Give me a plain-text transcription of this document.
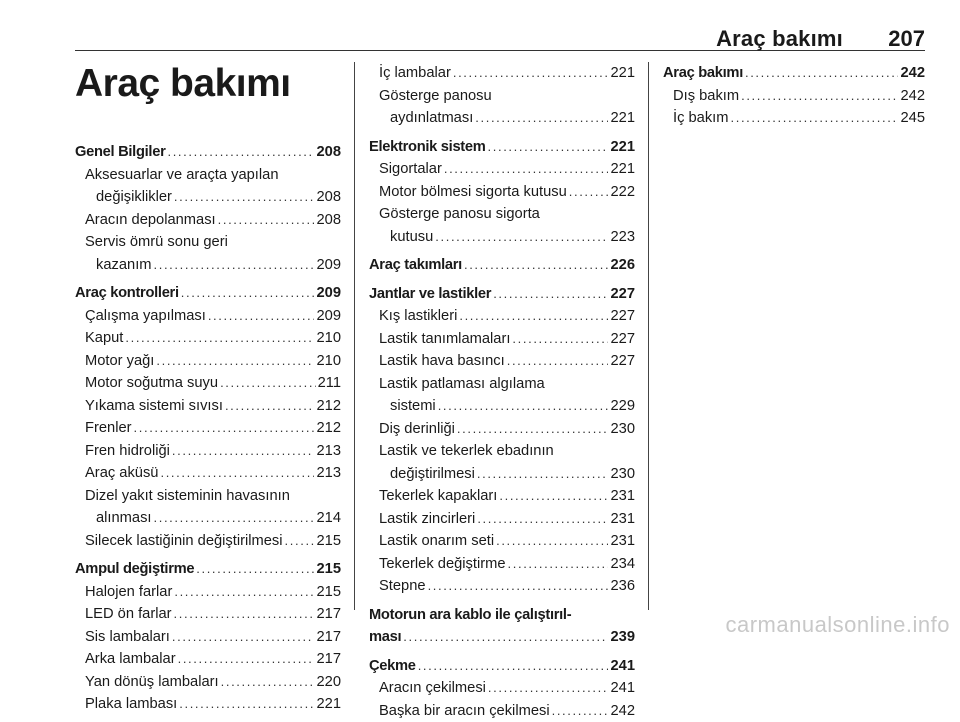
Araç bakımı 207
Araç bakımı
Genel Bilgiler . . .	208
Aksesuarlar ve araçta yapılan
değişiklikler . . .	208
Aracın depolanması . . .	208
Servis ömrü sonu geri
kazanım . . .	209
Araç kontrolleri . . .	209
Çalışma yapılması . . .	209
Kaput . . .	210
Motor yağı . . .	210
Motor soğutma suyu . . .	211
Yıkama sistemi sıvısı . . .	212
Frenler . . .	212
Fren hidroliği . . .	213
Araç aküsü . . .	213
Dizel yakıt sisteminin havasının
alınması . . .	214
Silecek lastiğinin değiştirilmesi . . . 215
Ampul değiştirme . . .	215
Halojen farlar . . .	215
LED ön farlar . . .	217
Sis lambaları . . .	217
Arka lambalar . . .	217
Yan dönüş lambaları . . .	220
Plaka lambası . . .	221
İç lambalar . . .	221
Gösterge panosu
aydınlatması . . .	221
Elektronik sistem . . .	221
Sigortalar . . .	221
Motor bölmesi sigorta kutusu . . .	222
Gösterge panosu sigorta
kutusu . . .	223
Araç takımları . . .	226
Jantlar ve lastikler . . .	227
Kış lastikleri . . .	227
Lastik tanımlamaları . . .	227
Lastik hava basıncı . . .	227
Lastik patlaması algılama
sistemi . . .	229
Diş derinliği . . .	230
Lastik ve tekerlek ebadının
değiştirilmesi . . .	230
Tekerlek kapakları . . .	231
Lastik zincirleri . . .	231
Lastik onarım seti . . .	231
Tekerlek değiştirme . . .	234
Stepne . . .	236
Motorun ara kablo ile çalıştırıl-
ması . . .	239
Çekme . . .	241
Aracın çekilmesi . . .	241
Başka bir aracın çekilmesi . . .	242
Araç bakımı . . .	242
Dış bakım . . .	242
İç bakım . . .	245
carmanualsonline.info
